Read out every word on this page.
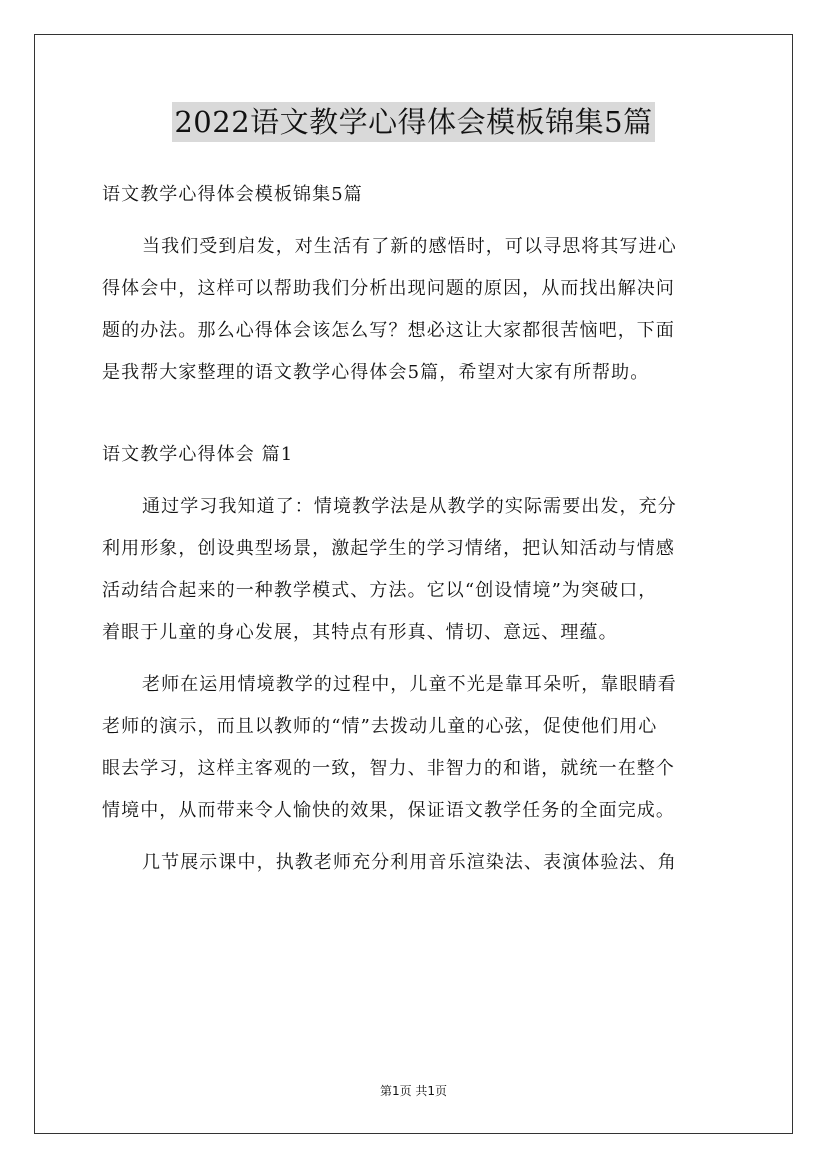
2022语文教学心得体会模板锦集5篇
语文教学心得体会模板锦集5篇
当我们受到启发，对生活有了新的感悟时，可以寻思将其写进心
得体会中，这样可以帮助我们分析出现问题的原因，从而找出解决问
题的办法。那么心得体会该怎么写？想必这让大家都很苦恼吧，下面
是我帮大家整理的语文教学心得体会5篇，希望对大家有所帮助。
语文教学心得体会 篇1
通过学习我知道了：情境教学法是从教学的实际需要出发，充分
利用形象，创设典型场景，激起学生的学习情绪，把认知活动与情感
活动结合起来的一种教学模式、方法。它以“创设情境”为突破口，
着眼于儿童的身心发展，其特点有形真、情切、意远、理蕴。
老师在运用情境教学的过程中，儿童不光是靠耳朵听，靠眼睛看
老师的演示，而且以教师的“情”去拨动儿童的心弦，促使他们用心
眼去学习，这样主客观的一致，智力、非智力的和谐，就统一在整个
情境中，从而带来令人愉快的效果，保证语文教学任务的全面完成。
几节展示课中，执教老师充分利用音乐渲染法、表演体验法、角
第1页 共1页
